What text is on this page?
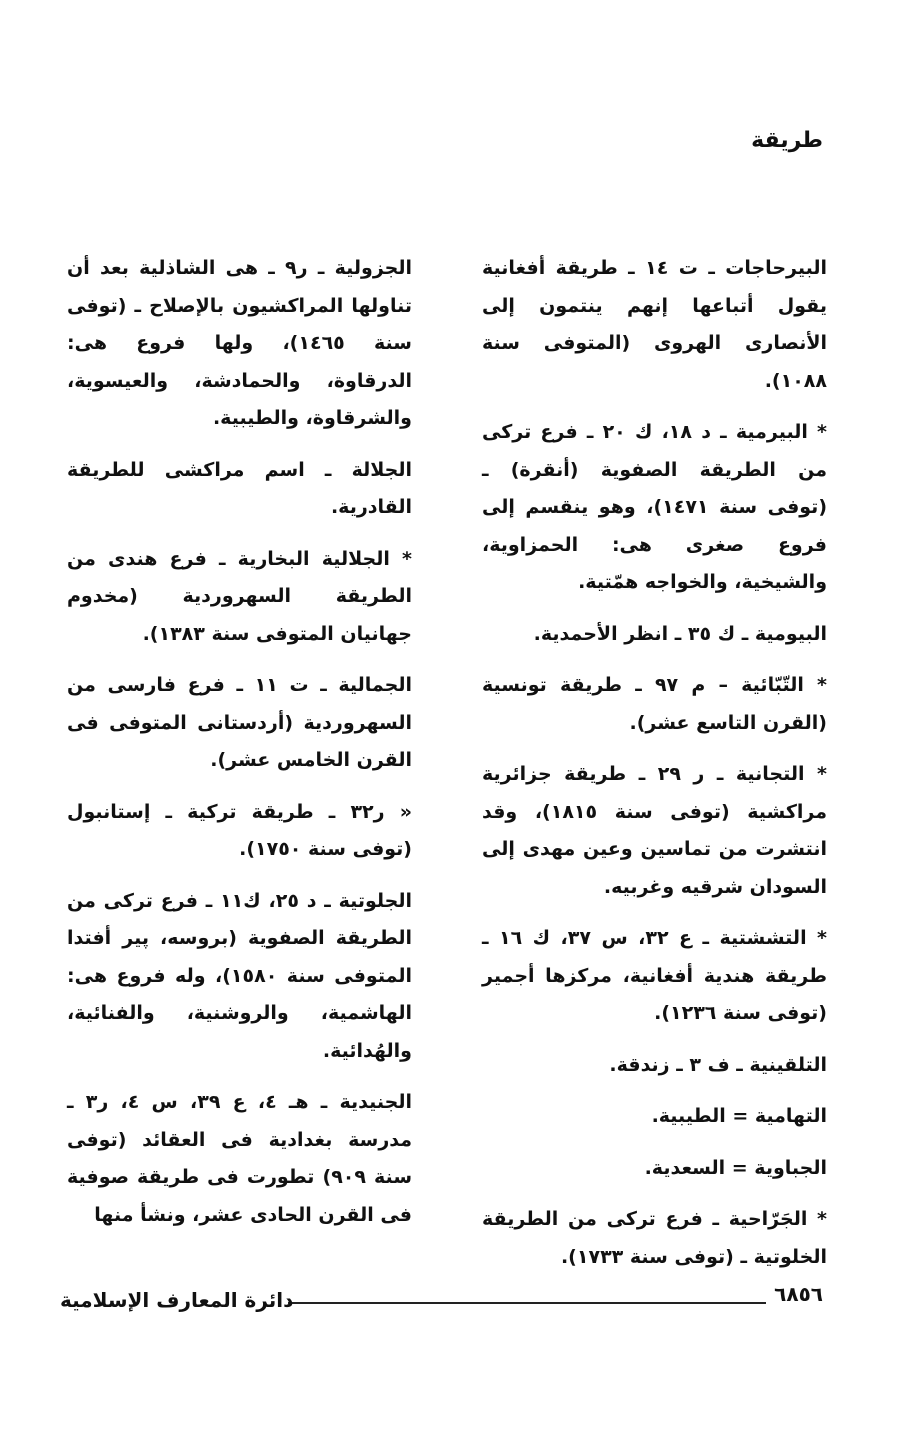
طريقة

البيرحاجات ـ ت ١٤ ـ طريقة أفغانية يقول أتباعها إنهم ينتمون إلى الأنصارى الهروى (المتوفى سنة ١٠٨٨).

* البيرمية ـ د ١٨، ك ٢٠ ـ فرع تركى من الطريقة الصفوية (أنقرة) ـ (توفى سنة ١٤٧١)، وهو ينقسم إلى فروع صغرى هى: الحمزاوية، والشيخية، والخواجه همّتية.

البيومية ـ ك ٣٥ ـ انظر الأحمدية.

* التّبّائية – م ٩٧ ـ طريقة تونسية (القرن التاسع عشر).

* التجانية ـ ر ٢٩ ـ طريقة جزائرية مراكشية (توفى سنة ١٨١٥)، وقد انتشرت من تماسين وعين مهدى إلى السودان شرقيه وغربيه.

* التششتية ـ ع ٣٢، س ٣٧، ك ١٦ ـ طريقة هندية أفغانية، مركزها أجمير (توفى سنة ١٢٣٦).

التلقينية ـ ف ٣ ـ زندقة.

التهامية = الطيبية.

الجباوية = السعدية.

* الجَرّاحية ـ فرع تركى من الطريقة الخلوتية ـ (توفى سنة ١٧٣٣).

الجزولية ـ ر٩ ـ هى الشاذلية بعد أن تناولها المراكشيون بالإصلاح ـ (توفى سنة ١٤٦٥)، ولها فروع هى: الدرقاوة، والحمادشة، والعيسوية، والشرقاوة، والطيبية.

الجلالة ـ اسم مراكشى للطريقة القادرية.

* الجلالية البخارية ـ فرع هندى من الطريقة السهروردية (مخدوم جهانيان المتوفى سنة ١٣٨٣).

الجمالية ـ ت ١١ ـ فرع فارسى من السهروردية (أردستانى المتوفى فى القرن الخامس عشر).

« ر٣٢ ـ طريقة تركية ـ إستانبول (توفى سنة ١٧٥٠).

الجلوتية ـ د ٢٥، ك١١ ـ فرع تركى من الطريقة الصفوية (بروسه، پير أفتدا المتوفى سنة ١٥٨٠)، وله فروع هى: الهاشمية، والروشنية، والفنائية، والهُدائية.

الجنيدية ـ هـ ٤، ع ٣٩، س ٤، ر٣ ـ مدرسة بغدادية فى العقائد (توفى سنة ٩٠٩) تطورت فى طريقة صوفية فى القرن الحادى عشر، ونشأ منها

٦٨٥٦
دائرة المعارف الإسلامية
